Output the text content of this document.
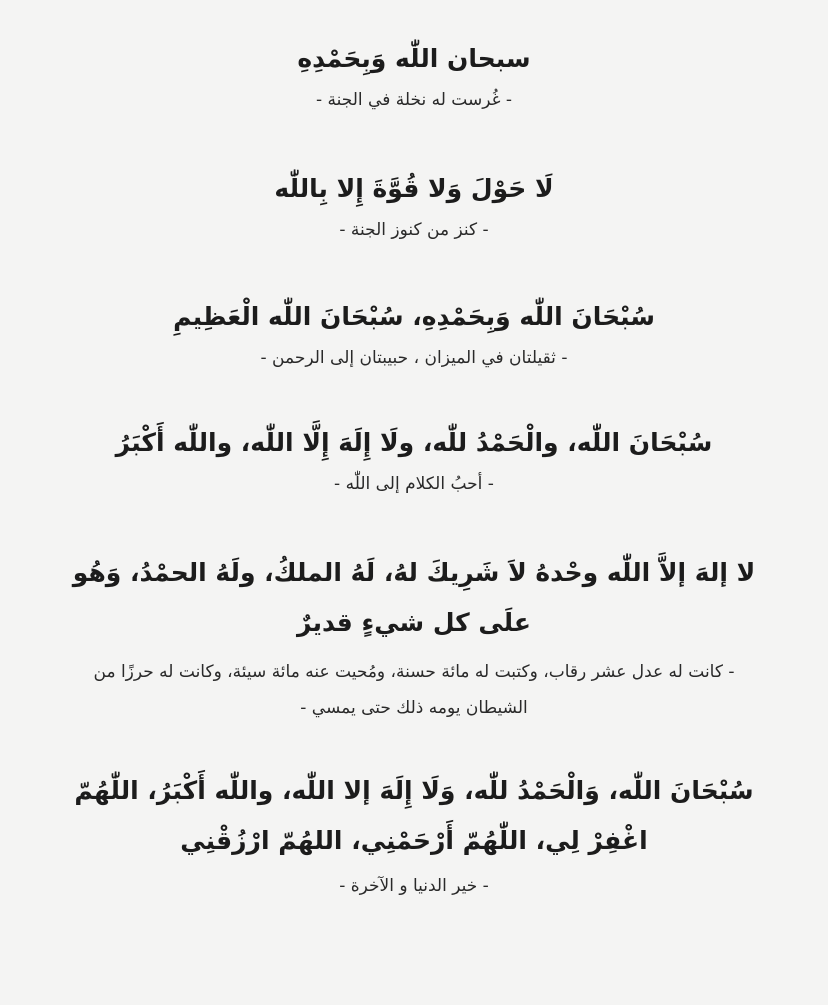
سبحان اللّٰه وَبِحَمْدِهِ

- غُرست له نخلة في الجنة -

لَا حَوْلَ وَلا قُوَّةَ إِلا بِاللّٰه

- كنز من كنوز الجنة -

سُبْحَانَ اللّٰه وَبِحَمْدِهِ، سُبْحَانَ اللّٰه الْعَظِيمِ

- ثقيلتان في الميزان ، حبيبتان إلى الرحمن -

سُبْحَانَ اللّٰه، والْحَمْدُ للّٰه، ولَا إِلَهَ إِلَّا اللّٰه، واللّٰه أَكْبَرُ

- أحبُ الكلام إلى اللّٰه -

لا إلهَ إلاَّ اللّٰه وحْدهُ لاَ شَرِيكَ لهُ، لَهُ الملكُ، ولَهُ الحمْدُ، وَهُو علَى كل شيءٍ قديرٌ

- كانت له عدل عشر رقاب، وكتبت له مائة حسنة، ومُحيت عنه مائة سيئة، وكانت له حرزًا من الشيطان يومه ذلك حتى يمسي -

سُبْحَانَ اللّٰه، وَالْحَمْدُ للّٰه، وَلَا إِلَهَ إلا اللّٰه، واللّٰه أَكْبَرُ، اللّٰهُمّ اغْفِرْ لِي، اللّٰهُمّ أَرْحَمْنِي، اللهُمّ ارْزُقْنِي

- خير الدنيا و الآخرة -
